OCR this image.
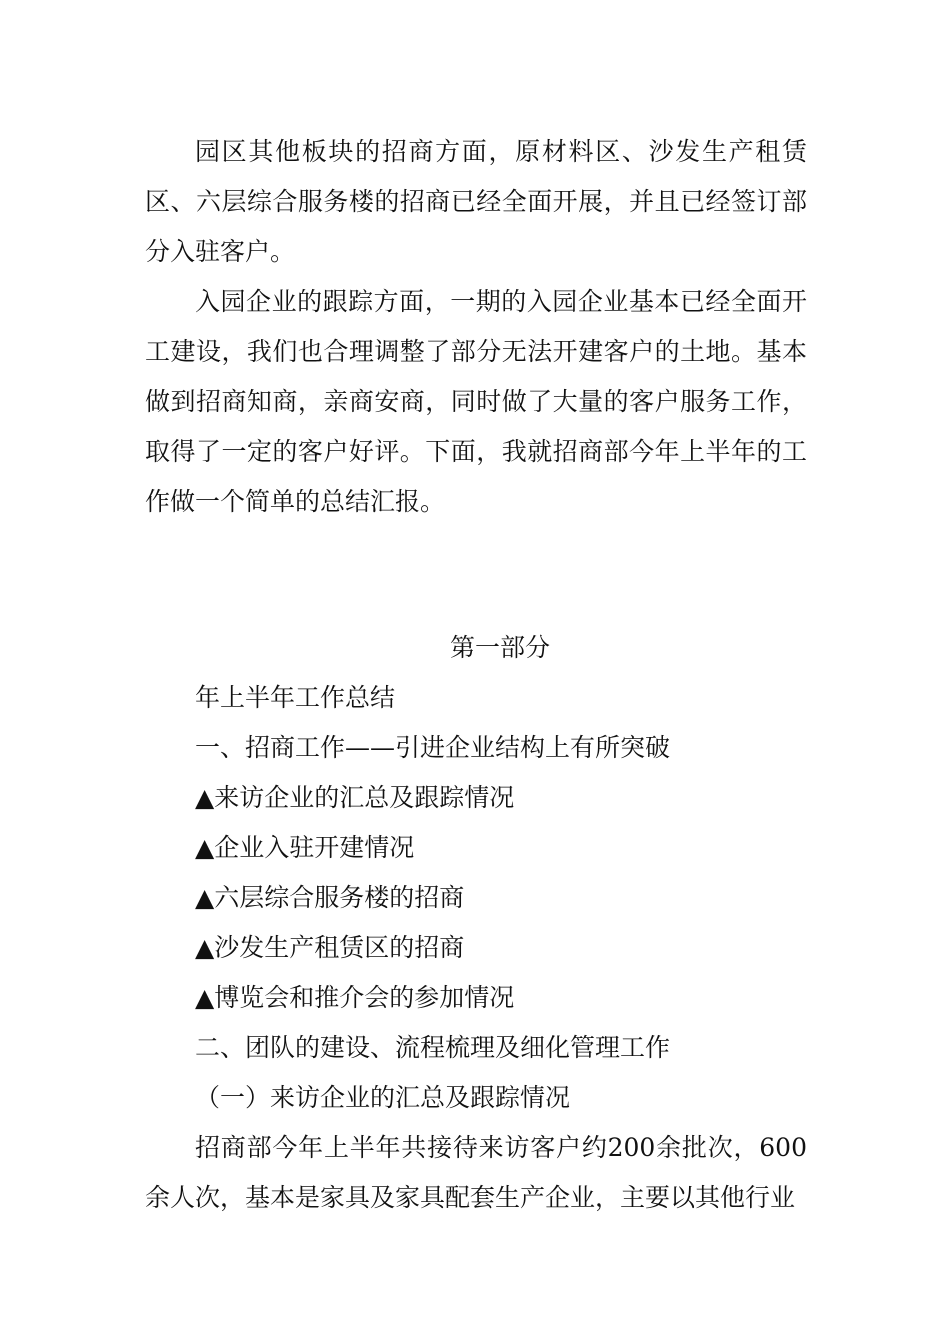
园区其他板块的招商方面，原材料区、沙发生产租赁区、六层综合服务楼的招商已经全面开展，并且已经签订部分入驻客户。

入园企业的跟踪方面，一期的入园企业基本已经全面开工建设，我们也合理调整了部分无法开建客户的土地。基本做到招商知商，亲商安商，同时做了大量的客户服务工作，取得了一定的客户好评。下面，我就招商部今年上半年的工作做一个简单的总结汇报。

第一部分

年上半年工作总结

一、招商工作——引进企业结构上有所突破

▲来访企业的汇总及跟踪情况

▲企业入驻开建情况

▲六层综合服务楼的招商

▲沙发生产租赁区的招商

▲博览会和推介会的参加情况

二、团队的建设、流程梳理及细化管理工作

（一）来访企业的汇总及跟踪情况

招商部今年上半年共接待来访客户约200余批次，600余人次，基本是家具及家具配套生产企业，主要以其他行业
